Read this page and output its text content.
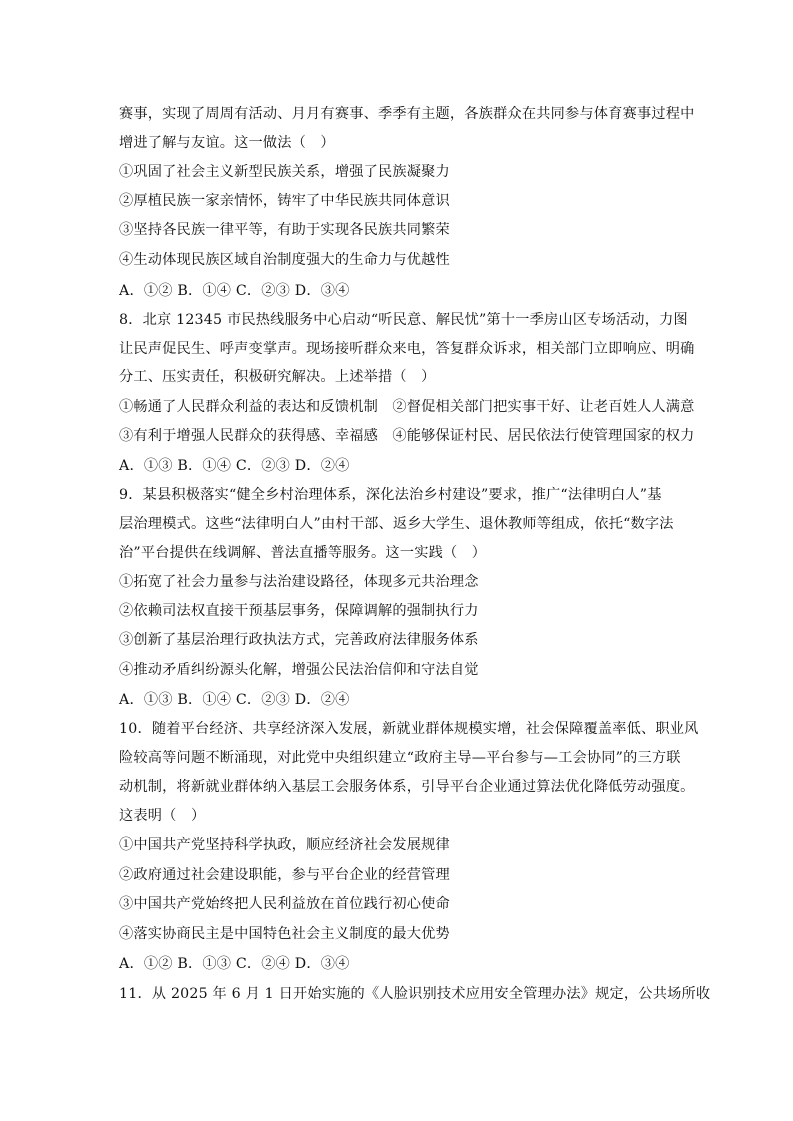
赛事，实现了周周有活动、月月有赛事、季季有主题，各族群众在共同参与体育赛事过程中
增进了解与友谊。这一做法（　）
①巩固了社会主义新型民族关系，增强了民族凝聚力
②厚植民族一家亲情怀，铸牢了中华民族共同体意识
③坚持各民族一律平等，有助于实现各民族共同繁荣
④生动体现民族区域自治制度强大的生命力与优越性
A．①② B．①④ C．②③ D．③④
8．北京 12345 市民热线服务中心启动“听民意、解民忧”第十一季房山区专场活动，力图
让民声促民生、呼声变掌声。现场接听群众来电，答复群众诉求，相关部门立即响应、明确
分工、压实责任，积极研究解决。上述举措（　）
①畅通了人民群众利益的表达和反馈机制　②督促相关部门把实事干好、让老百姓人人满意
③有利于增强人民群众的获得感、幸福感　④能够保证村民、居民依法行使管理国家的权力
A．①③ B．①④ C．②③ D．②④
9．某县积极落实“健全乡村治理体系，深化法治乡村建设”要求，推广“法律明白人”基
层治理模式。这些“法律明白人”由村干部、返乡大学生、退休教师等组成，依托“数字法
治”平台提供在线调解、普法直播等服务。这一实践（　）
①拓宽了社会力量参与法治建设路径，体现多元共治理念
②依赖司法权直接干预基层事务，保障调解的强制执行力
③创新了基层治理行政执法方式，完善政府法律服务体系
④推动矛盾纠纷源头化解，增强公民法治信仰和守法自觉
A．①③ B．①④ C．②③ D．②④
10．随着平台经济、共享经济深入发展，新就业群体规模实增，社会保障覆盖率低、职业风
险较高等问题不断涌现，对此党中央组织建立“政府主导—平台参与—工会协同”的三方联
动机制，将新就业群体纳入基层工会服务体系，引导平台企业通过算法优化降低劳动强度。
这表明（　）
①中国共产党坚持科学执政，顺应经济社会发展规律
②政府通过社会建设职能，参与平台企业的经营管理
③中国共产党始终把人民利益放在首位践行初心使命
④落实协商民主是中国特色社会主义制度的最大优势
A．①② B．①③ C．②④ D．③④
11．从 2025 年 6 月 1 日开始实施的《人脸识别技术应用安全管理办法》规定，公共场所收
